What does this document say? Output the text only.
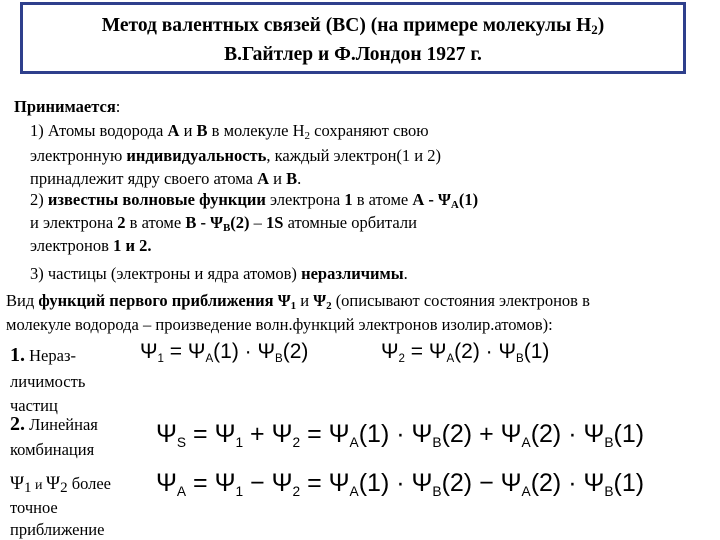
Метод валентных связей (ВС) (на примере молекулы $H_2$)
В.Гайтлер и Ф.Лондон 1927 г.
Принимается:
1) Атомы водорода А и В в молекуле $Н_2$ сохраняют свою
электронную индивидуальность, каждый электрон(1 и 2)
принадлежит ядру своего атома А и В.
2) известны волновые функции электрона 1 в атоме А - $\Psi_A(1)$
и электрона 2 в атоме В - $\Psi_B(2) - 1S$ атомные орбитали
электронов 1 и 2.
3) частицы (электроны и ядра атомов) неразличимы.
Вид функций первого приближения $\Psi_1$ и $\Psi_2$ (описывают состояния электронов в
молекуле водорода – произведение волн.функций электронов изолир.атомов):
1. Нераз-
личимость
частиц
2. Линейная
комбинация
$\Psi_1$ и $\Psi_2$ более
точное
приближение
Ψ1 = ΨA(1) · ΨB(2)	Ψ2 = ΨA(2) · ΨB(1)
ΨS = Ψ1 + Ψ2 = ΨA(1) · ΨB(2) + ΨA(2) · ΨB(1)
ΨA = Ψ1 − Ψ2 = ΨA(1) · ΨB(2) − ΨA(2) · ΨB(1)
